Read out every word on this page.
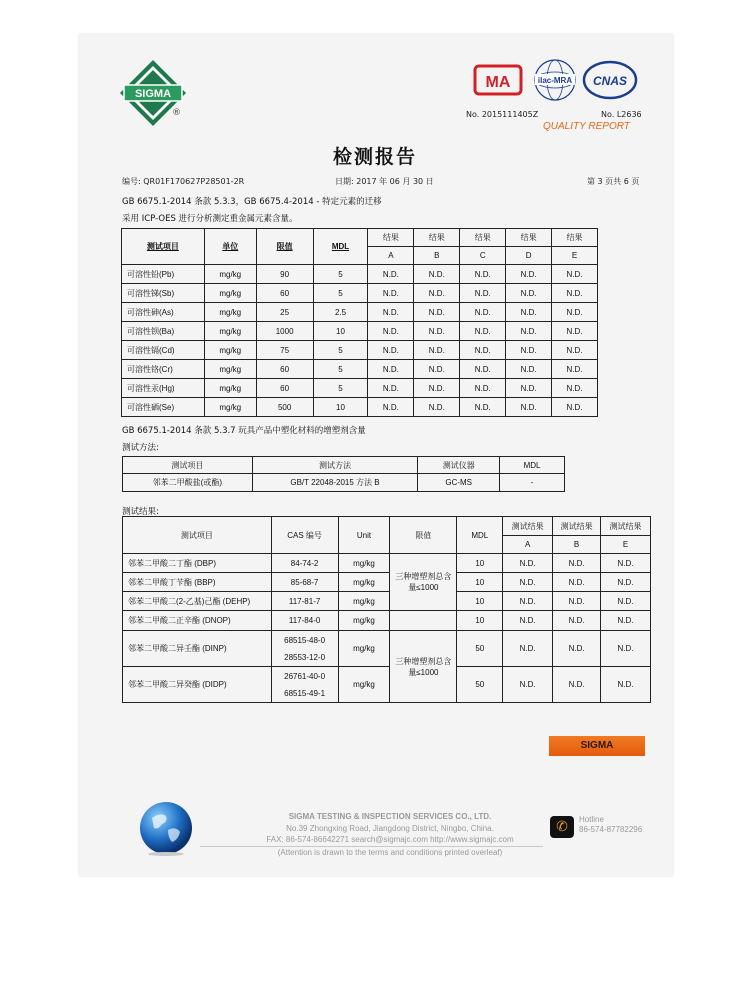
SIGMA
®
MA	ilac-MRA CNAS
No. 2015111405Z	No. L2636
QUALITY REPORT
检测报告
编号: QR01F170627P28501-2R	日期: 2017 年 06 月 30 日	第 3 页共 6 页
GB 6675.1-2014 条款 5.3.3，GB 6675.4-2014 - 特定元素的迁移
采用 ICP-OES 进行分析测定重金属元素含量。
测试项目	单位	限值	MDL	结果	结果	结果	结果	结果
				A	B	C	D	E
可溶性铅(Pb)	mg/kg	90	5	N.D.	N.D.	N.D.	N.D.	N.D.
可溶性锑(Sb)	mg/kg	60	5	N.D.	N.D.	N.D.	N.D.	N.D.
可溶性砷(As)	mg/kg	25	2.5	N.D.	N.D.	N.D.	N.D.	N.D.
可溶性钡(Ba)	mg/kg	1000	10	N.D.	N.D.	N.D.	N.D.	N.D.
可溶性镉(Cd)	mg/kg	75	5	N.D.	N.D.	N.D.	N.D.	N.D.
可溶性铬(Cr)	mg/kg	60	5	N.D.	N.D.	N.D.	N.D.	N.D.
可溶性汞(Hg)	mg/kg	60	5	N.D.	N.D.	N.D.	N.D.	N.D.
可溶性硒(Se)	mg/kg	500	10	N.D.	N.D.	N.D.	N.D.	N.D.
GB 6675.1-2014 条款 5.3.7 玩具产品中塑化材料的增塑剂含量
测试方法:
测试项目	测试方法	测试仪器	MDL
邻苯二甲酸盐(或酯)	GB/T 22048-2015 方法 B	GC-MS	-
测试结果:
测试项目	CAS 编号	Unit	限值	MDL	测试结果	测试结果	测试结果
					A	B	E
邻苯二甲酸二丁酯 (DBP)	84-74-2	mg/kg	三种增塑剂总含量≤1000	10	N.D.	N.D.	N.D.
邻苯二甲酸丁苄酯 (BBP)	85-68-7	mg/kg		10	N.D.	N.D.	N.D.
邻苯二甲酸二(2-乙基)己酯 (DEHP)	117-81-7	mg/kg		10	N.D.	N.D.	N.D.
邻苯二甲酸二正辛酯 (DNOP)	117-84-0	mg/kg		10	N.D.	N.D.	N.D.
邻苯二甲酸二异壬酯 (DINP)	68515-48-0
28553-12-0	mg/kg	三种增塑剂总含量≤1000	50	N.D.	N.D.	N.D.
邻苯二甲酸二异癸酯 (DIDP)	26761-40-0
68515-49-1	mg/kg		50	N.D.	N.D.	N.D.
SIGMA
SIGMA TESTING & INSPECTION SERVICES CO., LTD.
No.39 Zhongxing Road, Jiangdong District, Ningbo, China.
FAX: 86-574-86642271 search@sigmajc.com http://www.sigmajc.com
(Attention is drawn to the terms and conditions printed overleaf)
✆	Hotline
86-574-87782296
